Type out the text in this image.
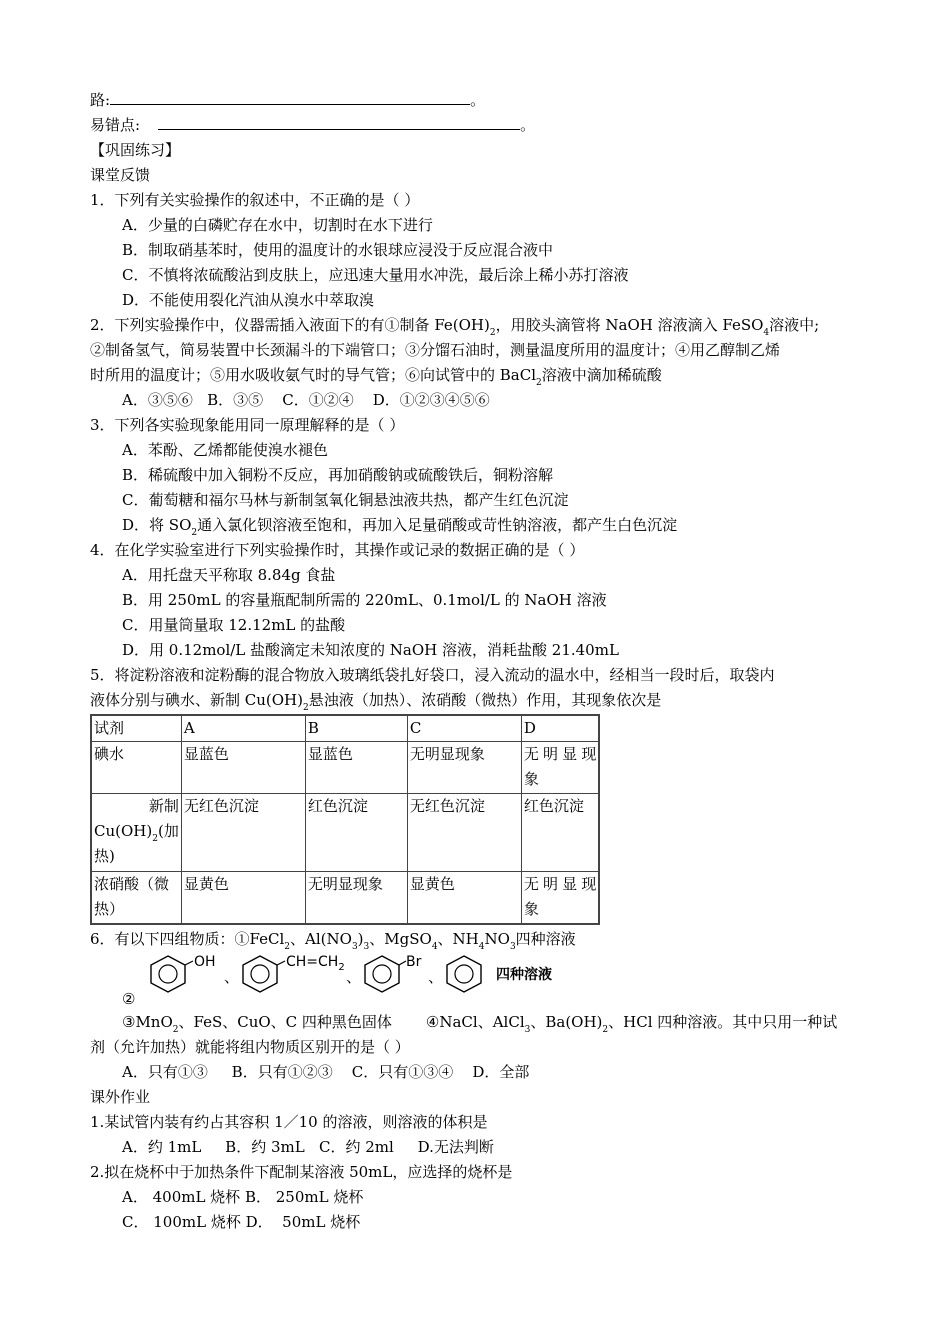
路:	。
易错点:	。
【巩固练习】
课堂反馈
1．下列有关实验操作的叙述中，不正确的是（ ）
A．少量的白磷贮存在水中，切割时在水下进行
B．制取硝基苯时，使用的温度计的水银球应浸没于反应混合液中
C．不慎将浓硫酸沾到皮肤上，应迅速大量用水冲洗，最后涂上稀小苏打溶液
D．不能使用裂化汽油从溴水中萃取溴
2．下列实验操作中，仪器需插入液面下的有①制备 $Fe(OH)_2$，用胶头滴管将 NaOH 溶液滴入 FeSO$_4$溶液中;
②制备氢气，简易装置中长颈漏斗的下端管口；③分馏石油时，测量温度所用的温度计；④用乙醇制乙烯
时所用的温度计；⑤用水吸收氨气时的导气管；⑥向试管中的 BaCl$_2$溶液中滴加稀硫酸
A．③⑤⑥   B．③⑤    C．①②④    D．①②③④⑤⑥
3．下列各实验现象能用同一原理解释的是（ ）
A．苯酚、乙烯都能使溴水褪色
B．稀硫酸中加入铜粉不反应，再加硝酸钠或硫酸铁后，铜粉溶解
C．葡萄糖和福尔马林与新制氢氧化铜悬浊液共热，都产生红色沉淀
D．将 $SO_2$通入氯化钡溶液至饱和，再加入足量硝酸或苛性钠溶液，都产生白色沉淀
4．在化学实验室进行下列实验操作时，其操作或记录的数据正确的是（ ）
A．用托盘天平称取 8.84g 食盐
B．用 250mL 的容量瓶配制所需的 220mL、0.1mol/L 的 NaOH 溶液
C．用量筒量取 12.12mL 的盐酸
D．用 0.12mol/L 盐酸滴定未知浓度的 NaOH 溶液，消耗盐酸 21.40mL
5．将淀粉溶液和淀粉酶的混合物放入玻璃纸袋扎好袋口，浸入流动的温水中，经相当一段时后，取袋内
液体分别与碘水、新制 $Cu(OH)_2$悬浊液（加热）、浓硝酸（微热）作用，其现象依次是
试剂	A	B	C	D
碘水	显蓝色	显蓝色	无明显现象	无明显现象

新制
$Cu(OH)_2$(加
热)	无红色沉淀	红色沉淀	无红色沉淀	红色沉淀
浓硝酸（微热）	显黄色	无明显现象	显黄色	无明显现象
6．有以下四组物质：①FeCl$_2$、$Al(NO_3)_3$、MgSO$_4$、$NH_4NO_3$四种溶液
OH
、
$CH=CH_2$
、
Br
、	四种溶液
②
③MnO$_2$、FeS、CuO、C 四种黑色固体 ④NaCl、AlCl$_3$、$Ba(OH)_2$、HCl 四种溶液。其中只用一种试
剂（允许加热）就能将组内物质区别开的是（ ）
A．只有①③     B．只有①②③    C．只有①③④    D．全部
课外作业
1.某试管内装有约占其容积 1／10 的溶液，则溶液的体积是
A．约 1mL     B．约 3mL   C．约 2ml     D.无法判断
2.拟在烧杯中于加热条件下配制某溶液 50mL，应选择的烧杯是
A． 400mL 烧杯 B． 250mL 烧杯
C． 100mL 烧杯 D．  50mL 烧杯
